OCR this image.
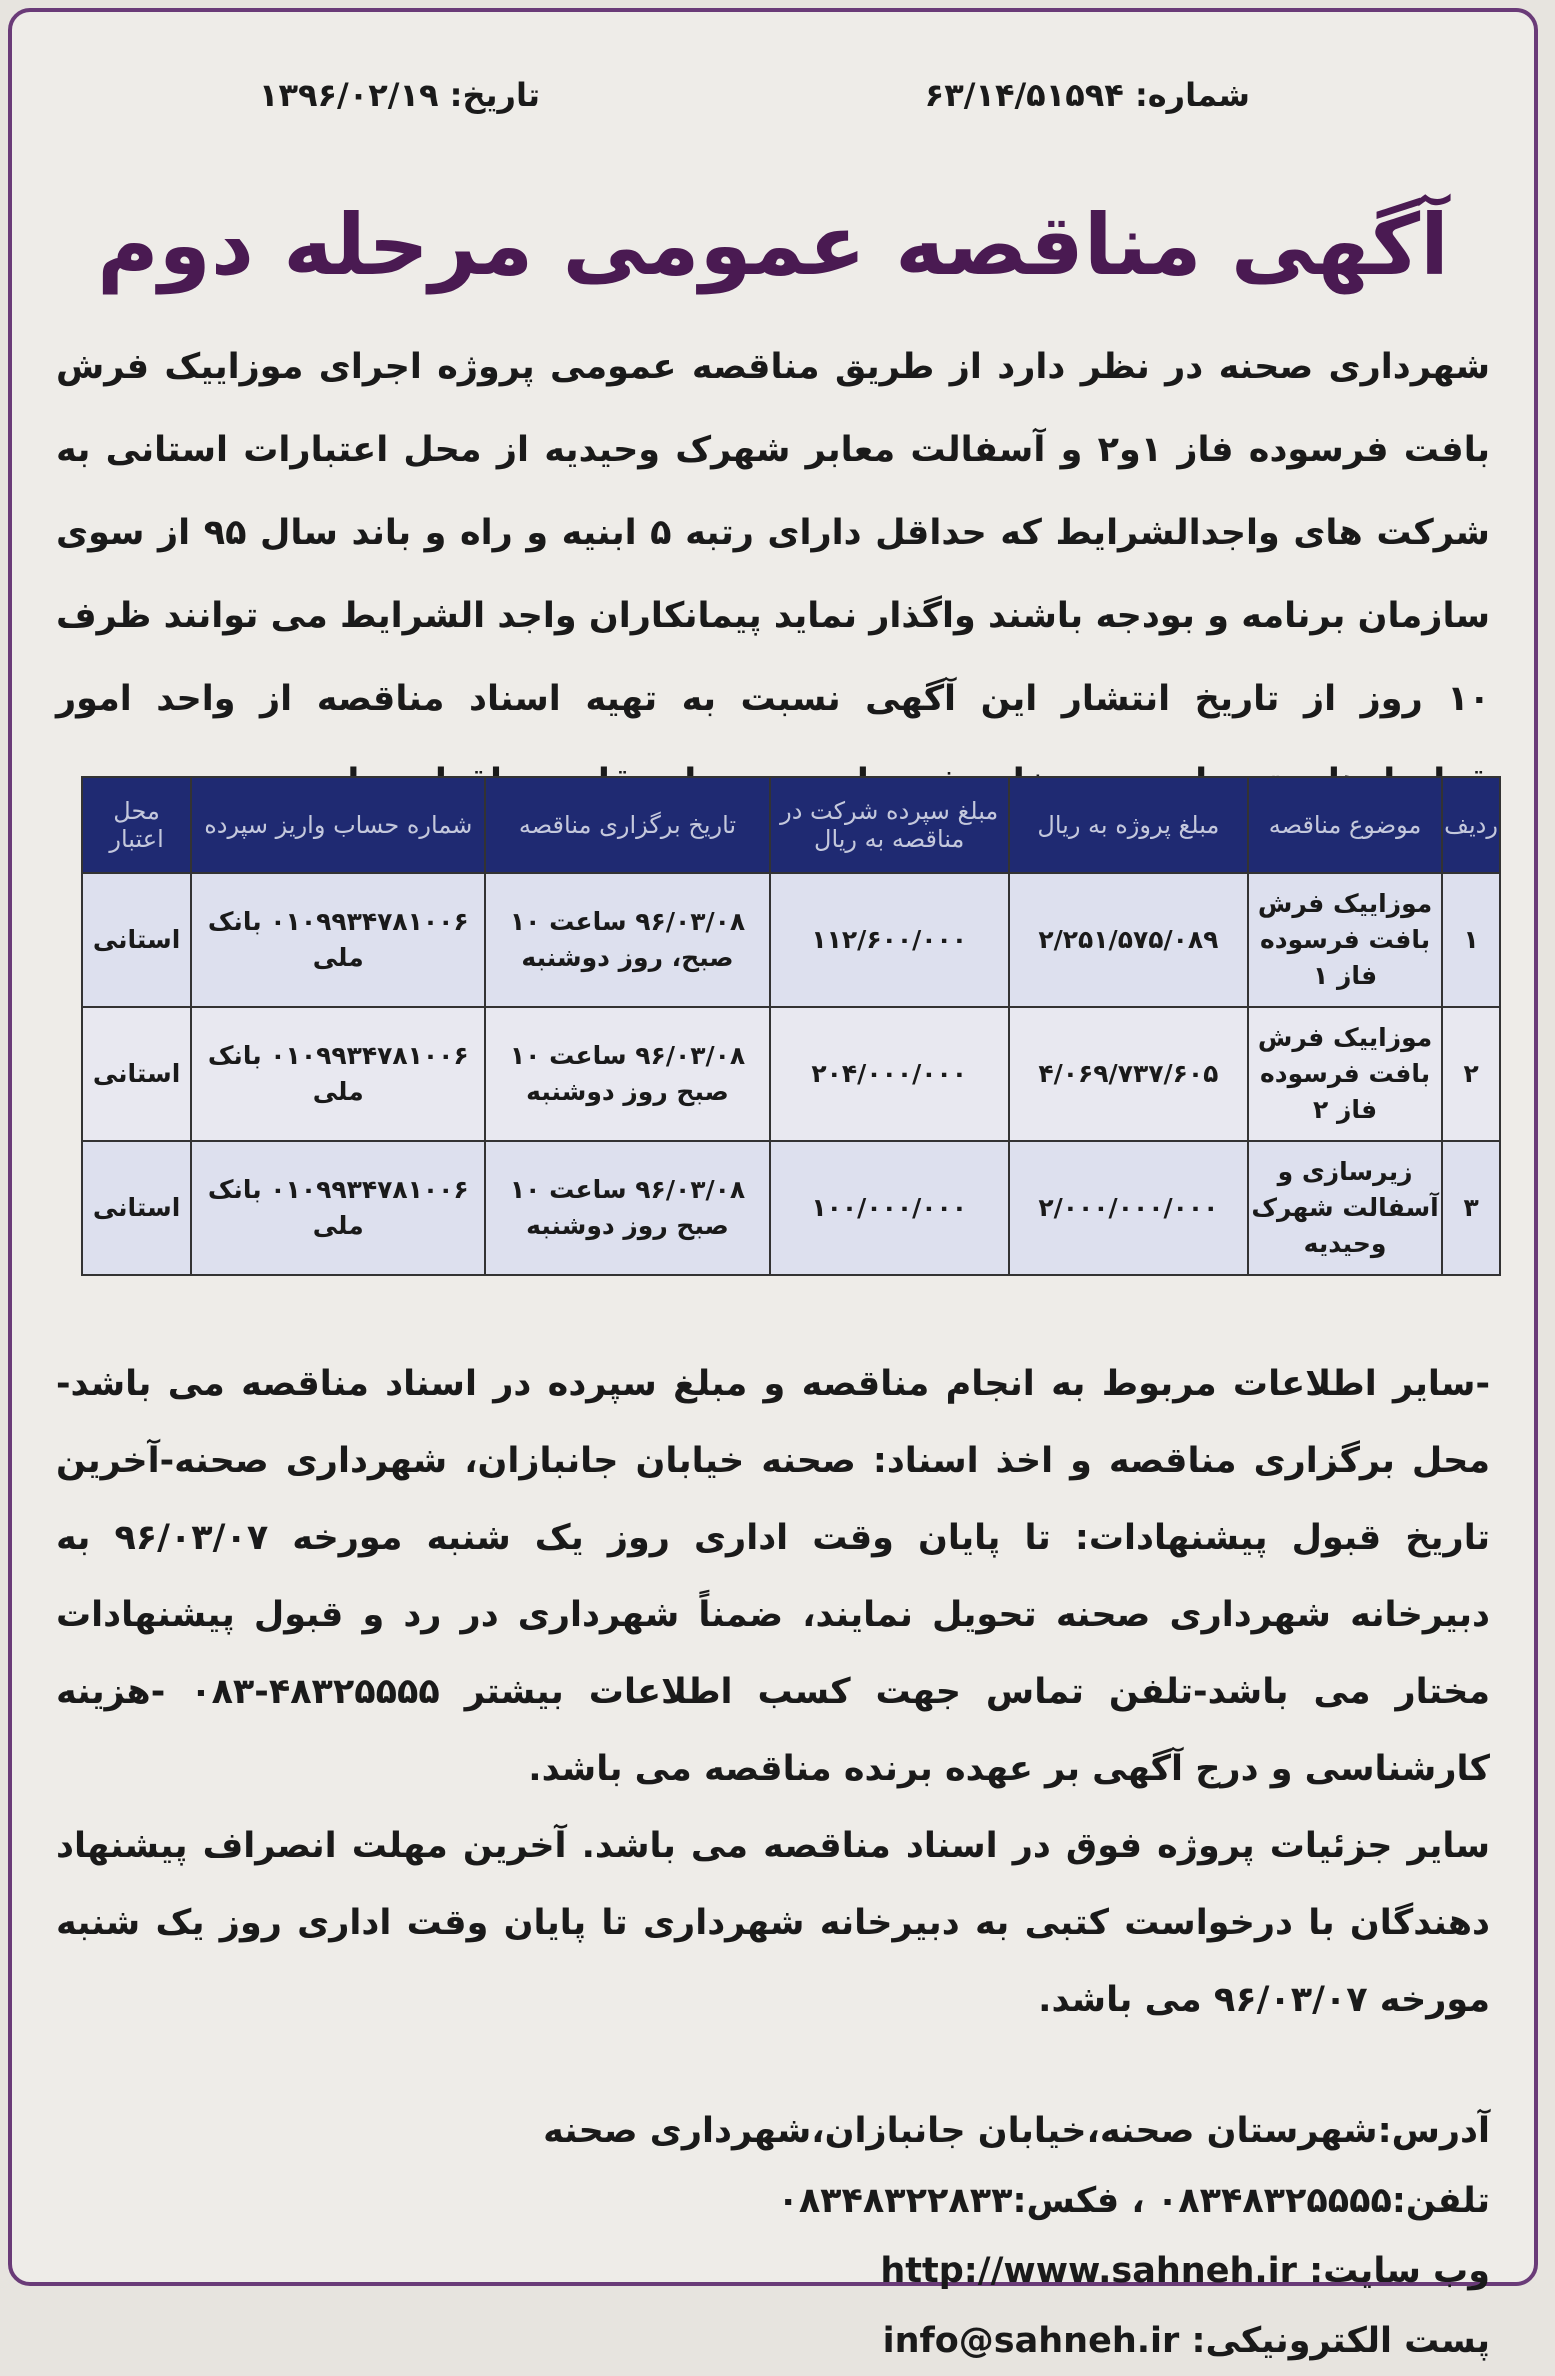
شماره: ۶۳/۱۴/۵۱۵۹۴
تاریخ: ۱۳۹۶/۰۲/۱۹
آگهی مناقصه عمومی مرحله دوم
شهرداری صحنه در نظر دارد از طریق مناقصه عمومی پروژه اجرای موزاییک فرش بافت فرسوده فاز ۱و۲ و آسفالت معابر شهرک وحیدیه از محل اعتبارات استانی به شرکت های واجدالشرایط که حداقل دارای رتبه ۵ ابنیه و راه و باند سال ۹۵ از سوی سازمان برنامه و بودجه باشند واگذار نماید پیمانکاران واجد الشرایط می توانند ظرف ۱۰ روز از تاریخ انتشار این آگهی نسبت به تهیه اسناد مناقصه از واحد امور
ردیف	موضوع مناقصه	مبلغ پروژه به ریال	مبلغ سپرده شرکت در مناقصه به ریال	تاریخ برگزاری مناقصه	شماره حساب واریز سپرده	محل اعتبار
۱	موزاییک فرش بافت فرسوده فاز ۱	۲/۲۵۱/۵۷۵/۰۸۹	۱۱۲/۶۰۰/۰۰۰	۹۶/۰۳/۰۸ ساعت ۱۰ صبح، روز دوشنبه	۰۱۰۹۹۳۴۷۸۱۰۰۶ بانک ملی	استانی
۲	موزاییک فرش بافت فرسوده فاز ۲	۴/۰۶۹/۷۳۷/۶۰۵	۲۰۴/۰۰۰/۰۰۰	۹۶/۰۳/۰۸ ساعت ۱۰ صبح روز دوشنبه	۰۱۰۹۹۳۴۷۸۱۰۰۶ بانک ملی	استانی
۳	زیرسازی و آسفالت شهرک وحیدیه	۲/۰۰۰/۰۰۰/۰۰۰	۱۰۰/۰۰۰/۰۰۰	۹۶/۰۳/۰۸ ساعت ۱۰ صبح روز دوشنبه	۰۱۰۹۹۳۴۷۸۱۰۰۶ بانک ملی	استانی
-سایر اطلاعات مربوط به انجام مناقصه و مبلغ سپرده در اسناد مناقصه می باشد-محل برگزاری مناقصه و اخذ اسناد: صحنه خیابان جانبازان، شهرداری صحنه-آخرین تاریخ قبول پیشنهادات: تا پایان وقت اداری روز یک شنبه مورخه ۹۶/۰۳/۰۷ به دبیرخانه شهرداری صحنه تحویل نمایند، ضمناً شهرداری در رد و قبول پیشنهادات مختار می باشد-تلفن تماس جهت کسب اطلاعات بیشتر ۴۸۳۲۵۵۵۵-۰۸۳ -هزینه کارشناسی و درج آگهی بر عهده برنده مناقصه می باشد.
سایر جزئیات پروژه فوق در اسناد مناقصه می باشد. آخرین مهلت انصراف پیشنهاد دهندگان با درخواست کتبی به دبیرخانه شهرداری تا پایان وقت اداری روز یک شنبه مورخه ۹۶/۰۳/۰۷ می باشد.
آدرس:شهرستان صحنه،خیابان جانبازان،شهرداری صحنه
تلفن:۰۸۳۴۸۳۲۵۵۵۵ ، فکس:۰۸۳۴۸۳۲۲۸۳۳
وب سایت: http://www.sahneh.ir
پست الکترونیکی: info@sahneh.ir
